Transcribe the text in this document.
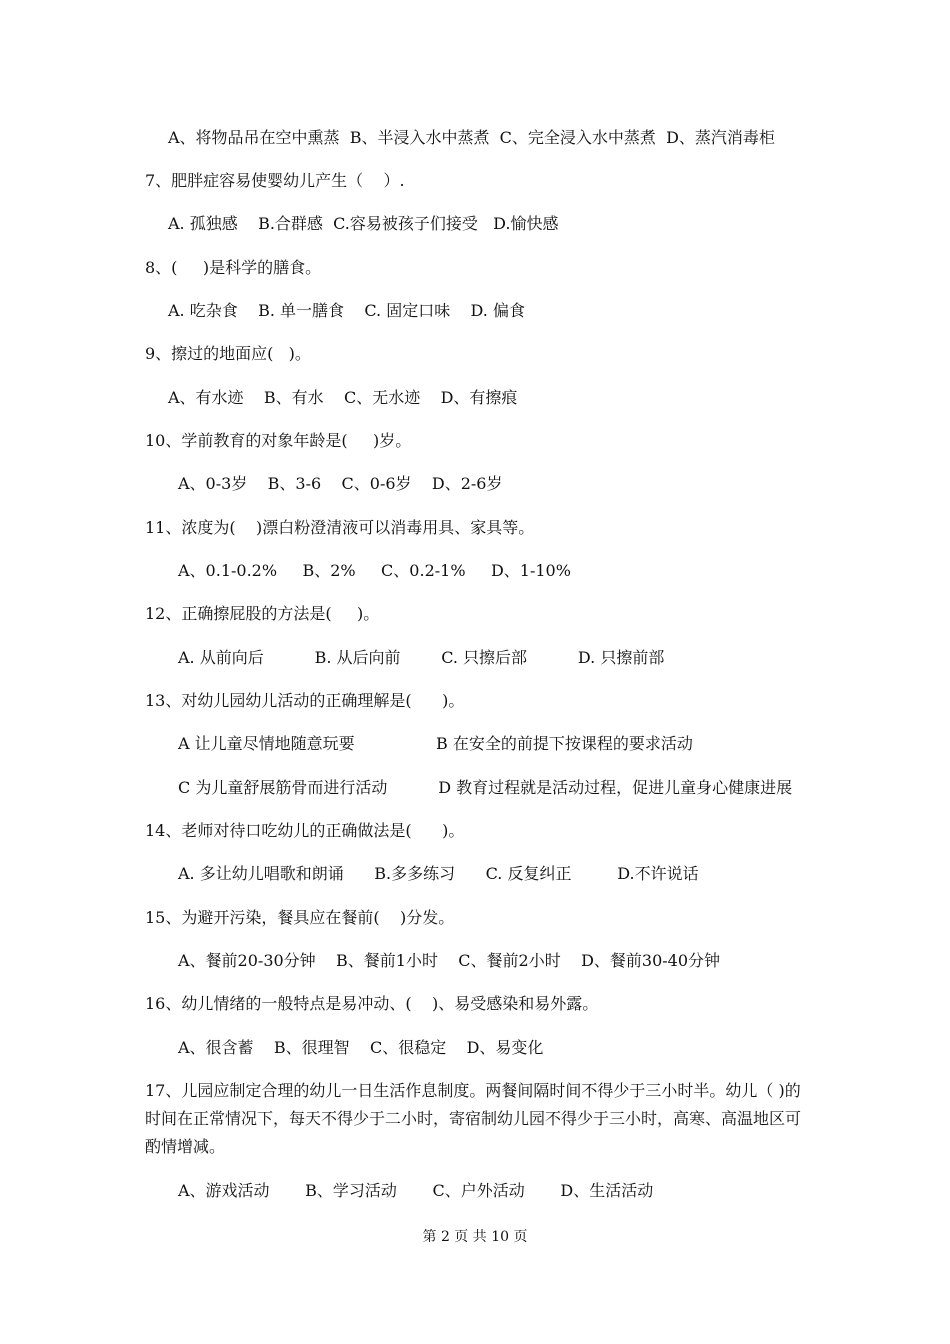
A、将物品吊在空中熏蒸  B、半浸入水中蒸煮  C、完全浸入水中蒸煮  D、蒸汽消毒柜

7、肥胖症容易使婴幼儿产生（    ）.

A. 孤独感    B.合群感  C.容易被孩子们接受   D.愉快感

8、(     )是科学的膳食。

A. 吃杂食    B. 单一膳食    C. 固定口味    D. 偏食

9、擦过的地面应(   )。

A、有水迹    B、有水    C、无水迹    D、有擦痕

10、学前教育的对象年龄是(     )岁。

A、0-3岁    B、3-6    C、0-6岁    D、2-6岁

11、浓度为(    )漂白粉澄清液可以消毒用具、家具等。

A、0.1-0.2%     B、2%     C、0.2-1%     D、1-10%

12、正确擦屁股的方法是(     )。

A. 从前向后          B. 从后向前        C. 只擦后部          D. 只擦前部

13、对幼儿园幼儿活动的正确理解是(      )。

A 让儿童尽情地随意玩要                B 在安全的前提下按课程的要求活动

C 为儿童舒展筋骨而进行活动          D 教育过程就是活动过程，促进儿童身心健康进展

14、老师对待口吃幼儿的正确做法是(      )。

A. 多让幼儿唱歌和朗诵      B.多多练习      C. 反复纠正         D.不许说话

15、为避开污染，餐具应在餐前(    )分发。

A、餐前20-30分钟    B、餐前1小时    C、餐前2小时    D、餐前30-40分钟

16、幼儿情绪的一般特点是易冲动、(    )、易受感染和易外露。

A、很含蓄    B、很理智    C、很稳定    D、易变化

17、儿园应制定合理的幼儿一日生活作息制度。两餐间隔时间不得少于三小时半。幼儿（ )的时间在正常情况下，每天不得少于二小时，寄宿制幼儿园不得少于三小时，高寒、高温地区可酌情增减。

A、游戏活动       B、学习活动       C、户外活动       D、生活活动

第 2 页 共 10 页
